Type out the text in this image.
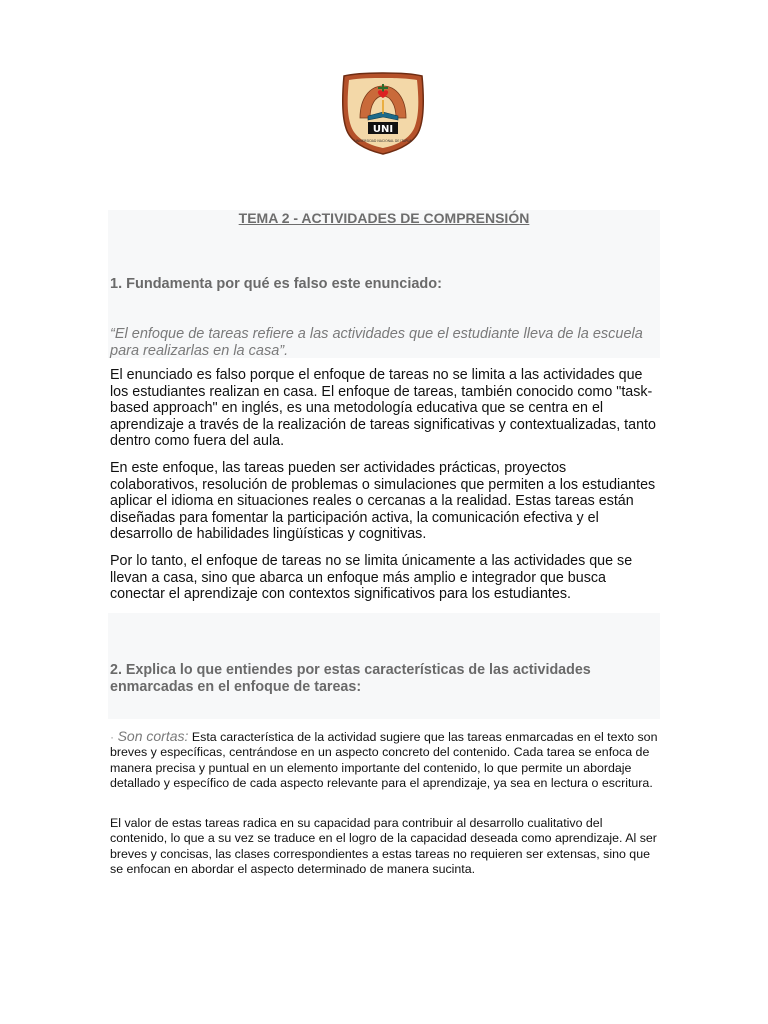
UNI
UNIVERSIDAD NACIONAL DE ITAPÚA
TEMA 2 - ACTIVIDADES DE COMPRENSIÓN
1. Fundamenta por qué es falso este enunciado:
“El enfoque de tareas refiere a las actividades que el estudiante lleva de la escuela para realizarlas en la casa”.
El enunciado es falso porque el enfoque de tareas no se limita a las actividades que los estudiantes realizan en casa. El enfoque de tareas, también conocido como "task-based approach" en inglés, es una metodología educativa que se centra en el aprendizaje a través de la realización de tareas significativas y contextualizadas, tanto dentro como fuera del aula.
En este enfoque, las tareas pueden ser actividades prácticas, proyectos colaborativos, resolución de problemas o simulaciones que permiten a los estudiantes aplicar el idioma en situaciones reales o cercanas a la realidad. Estas tareas están diseñadas para fomentar la participación activa, la comunicación efectiva y el desarrollo de habilidades lingüísticas y cognitivas.
Por lo tanto, el enfoque de tareas no se limita únicamente a las actividades que se llevan a casa, sino que abarca un enfoque más amplio e integrador que busca conectar el aprendizaje con contextos significativos para los estudiantes.
2. Explica lo que entiendes por estas características de las actividades enmarcadas en el enfoque de tareas:
· Son cortas: Esta característica de la actividad sugiere que las tareas enmarcadas en el texto son breves y específicas, centrándose en un aspecto concreto del contenido. Cada tarea se enfoca de manera precisa y puntual en un elemento importante del contenido, lo que permite un abordaje detallado y específico de cada aspecto relevante para el aprendizaje, ya sea en lectura o escritura.
El valor de estas tareas radica en su capacidad para contribuir al desarrollo cualitativo del contenido, lo que a su vez se traduce en el logro de la capacidad deseada como aprendizaje. Al ser breves y concisas, las clases correspondientes a estas tareas no requieren ser extensas, sino que se enfocan en abordar el aspecto determinado de manera sucinta.
